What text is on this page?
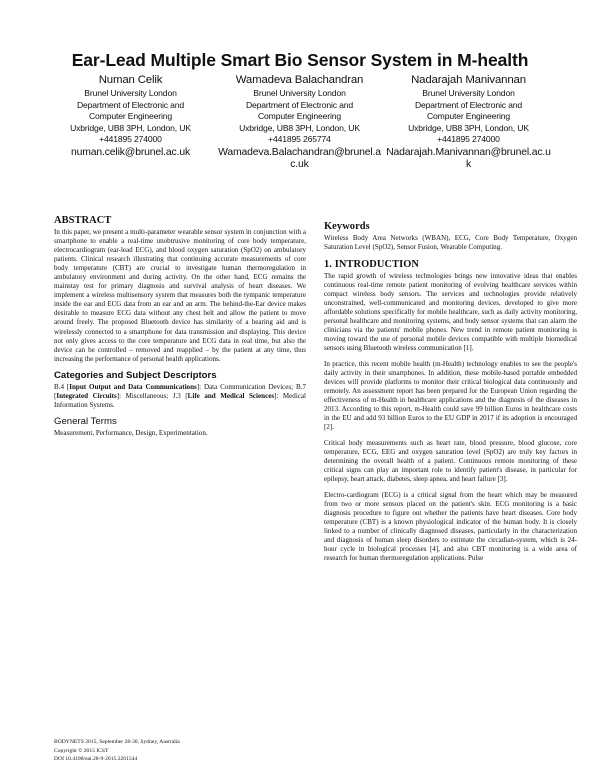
Ear-Lead Multiple Smart Bio Sensor System in M-health
Numan Celik
Brunel University London
Department of Electronic and
Computer Engineering
Uxbridge, UB8 3PH, London, UK
+441895 274000
numan.celik@brunel.ac.uk
Wamadeva Balachandran
Brunel University London
Department of Electronic and
Computer Engineering
Uxbridge, UB8 3PH, London, UK
+441895 265774
Wamadeva.Balachandran@brunel.ac.uk
Nadarajah Manivannan
Brunel University London
Department of Electronic and
Computer Engineering
Uxbridge, UB8 3PH, London, UK
+441895 274000
Nadarajah.Manivannan@brunel.ac.uk
ABSTRACT

In this paper, we present a multi-parameter wearable sensor system in conjunction with a smartphone to enable a real-time unobtrusive monitoring of core body temperature, electrocardiogram (ear-lead ECG), and blood oxygen saturation (SpO2) on ambulatory patients. Clinical research illustrating that continuing accurate measurements of core body temperature (CBT) are crucial to investigate human thermoregulation in ambulatory environment and during activity. On the other hand, ECG remains the mainstay test for primary diagnosis and survival analysis of heart diseases. We implement a wireless multisensory system that measures both the tympanic temperature inside the ear and ECG data from an ear and an arm. The behind-the-Ear device makes desirable to measure ECG data without any chest belt and allow the patient to move around freely. The proposed Bluetooth device has similarity of a hearing aid and is wirelessly connected to a smartphone for data transmission and displaying. This device not only gives access to the core temperature and ECG data in real time, but also the device can be controlled – removed and reapplied – by the patient at any time, thus increasing the performance of personal health applications.

Categories and Subject Descriptors

B.4 [Input Output and Data Communications]: Data Communication Devices; B.7 [Integrated Circuits]: Miscellaneous; J.3 [Life and Medical Sciences]: Medical Information Systems.

General Terms

Measurement, Performance, Design, Experimentation.

Keywords

Wireless Body Area Networks (WBAN), ECG, Core Body Temperature, Oxygen Saturation Level (SpO2), Sensor Fusion, Wearable Computing.

1. INTRODUCTION

The rapid growth of wireless technologies brings new innovative ideas that enables continuous real-time remote patient monitoring of evolving healthcare services within compact wireless body sensors. The services and technologies provide relatively unconstrained, well-communicated and monitoring devices, developed to give more affordable solutions specifically for mobile healthcare, such as daily activity monitoring, personal healthcare and monitoring systems, and body sensor systems that can alarm the clinicians via the patients' mobile phones. New trend in remote patient monitoring is moving toward the use of personal mobile devices compatible with multiple biomedical sensors using Bluetooth wireless communication [1].

In practice, this recent mobile health (m-Health) technology enables to see the people's daily activity in their smartphones. In addition, these mobile-based portable embedded devices will provide platforms to monitor their critical biological data continuously and remotely. An assessment report has been prepared for the European Union regarding the effectiveness of m-Health in healthcare applications and the diagnosis of the diseases in 2013. According to this report, m-Health could save 99 billion Euros in healthcare costs in the EU and add 93 billion Euros to the EU GDP in 2017 if its adoption is encouraged [2].

Critical body measurements such as heart rate, blood pressure, blood glucose, core temperature, ECG, EEG and oxygen saturation level (SpO2) are truly key factors in determining the overall health of a patient. Continuous remote monitoring of these critical signs can play an important role to identify patient's disease, in particular for epilepsy, heart attack, diabetes, sleep apnea, and heart failure [3].

Electro-cardiogram (ECG) is a critical signal from the heart which may be measured from two or more sensors placed on the patient's skin. ECG monitoring is a basic diagnosis procedure to figure out whether the patients have heart diseases. Core body temperature (CBT) is a known physiological indicator of the human body. It is closely linked to a number of clinically diagnosed diseases, particularly in the characterization and diagnosis of human sleep disorders to estimate the circadian-system, which is 24-hour cycle in biological processes [4], and also CBT monitoring is a wide area of research for human thermoregulation applications. Pulse

BODYNETS 2015, September 28-30, Sydney, Australia
Copyright © 2015 ICST
DOI 10.4108/eai.28-9-2015.2261544
